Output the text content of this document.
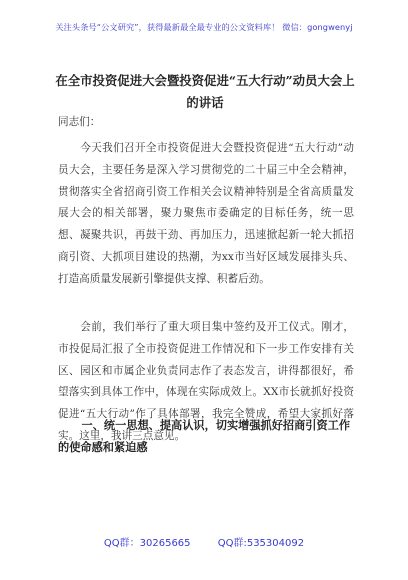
关注头条号“公文研究”，获得最新最全最专业的公文资料库！ 微信：gongwenyj
在全市投资促进大会暨投资促进“五大行动”动员大会上
的讲话
同志们：
今天我们召开全市投资促进大会暨投资促进“五大行动”动员大会，主要任务是深入学习贯彻党的二十届三中全会精神，贯彻落实全省招商引资工作相关会议精神特别是全省高质量发展大会的相关部署，聚力聚焦市委确定的目标任务，统一思想、凝聚共识，再鼓干劲、再加压力，迅速掀起新一轮大抓招商引资、大抓项目建设的热潮，为xx市当好区域发展排头兵、打造高质量发展新引擎提供支撑、积蓄后劲。
会前，我们举行了重大项目集中签约及开工仪式。刚才，市投促局汇报了全市投资促进工作情况和下一步工作安排有关区、园区和市属企业负责同志作了表态发言，讲得都很好，希望落实到具体工作中，体现在实际成效上。XX市长就抓好投资促进“五大行动”作了具体部署，我完全赞成，希望大家抓好落实。这里，我讲三点意见。
一、统一思想、提高认识，切实增强抓好招商引资工作的使命感和紧迫感
QQ群：30265665	QQ群:535304092
